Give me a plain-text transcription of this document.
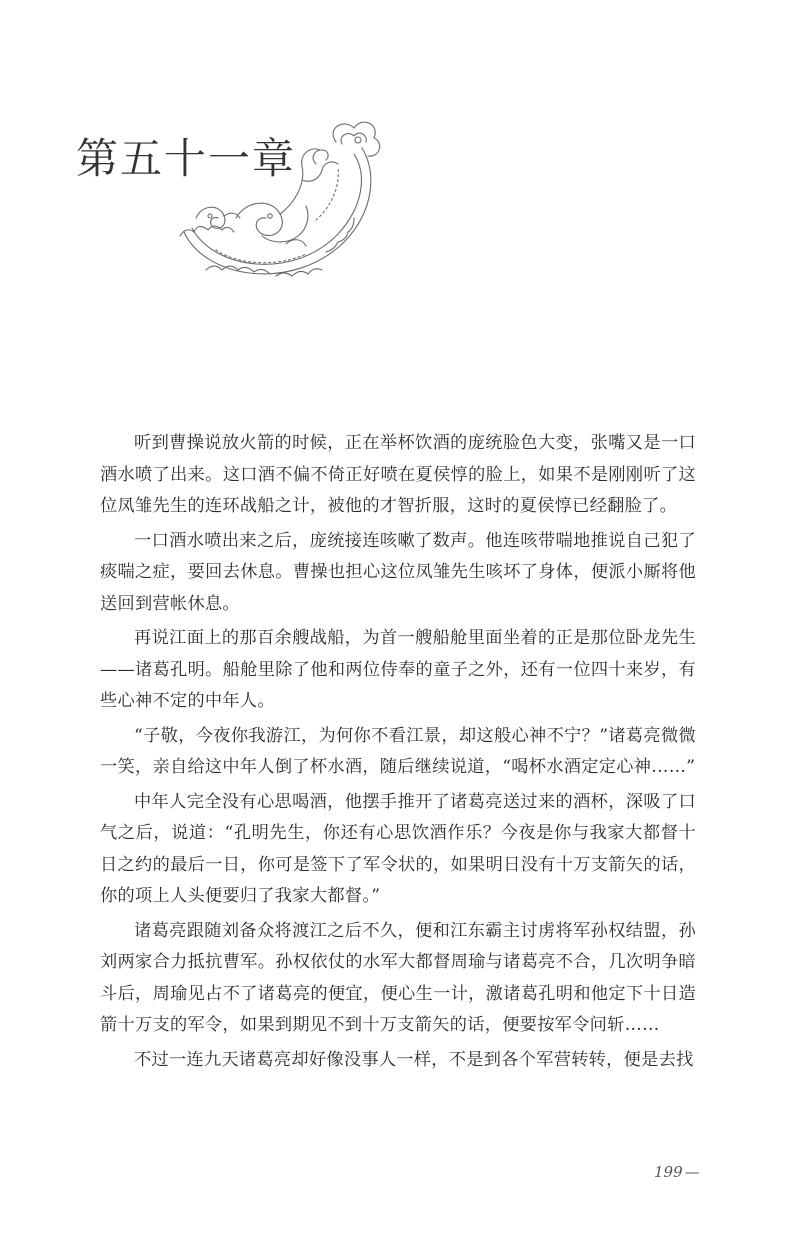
第五十一章

听到曹操说放火箭的时候，正在举杯饮酒的庞统脸色大变，张嘴又是一口酒水喷了出来。这口酒不偏不倚正好喷在夏侯惇的脸上，如果不是刚刚听了这位凤雏先生的连环战船之计，被他的才智折服，这时的夏侯惇已经翻脸了。

一口酒水喷出来之后，庞统接连咳嗽了数声。他连咳带喘地推说自己犯了痰喘之症，要回去休息。曹操也担心这位凤雏先生咳坏了身体，便派小厮将他送回到营帐休息。

再说江面上的那百余艘战船，为首一艘船舱里面坐着的正是那位卧龙先生——诸葛孔明。船舱里除了他和两位侍奉的童子之外，还有一位四十来岁，有些心神不定的中年人。

“子敬，今夜你我游江，为何你不看江景，却这般心神不宁？”诸葛亮微微一笑，亲自给这中年人倒了杯水酒，随后继续说道，“喝杯水酒定定心神……”

中年人完全没有心思喝酒，他摆手推开了诸葛亮送过来的酒杯，深吸了口气之后，说道：“孔明先生，你还有心思饮酒作乐？今夜是你与我家大都督十日之约的最后一日，你可是签下了军令状的，如果明日没有十万支箭矢的话，你的项上人头便要归了我家大都督。”

诸葛亮跟随刘备众将渡江之后不久，便和江东霸主讨虏将军孙权结盟，孙刘两家合力抵抗曹军。孙权依仗的水军大都督周瑜与诸葛亮不合，几次明争暗斗后，周瑜见占不了诸葛亮的便宜，便心生一计，激诸葛孔明和他定下十日造箭十万支的军令，如果到期见不到十万支箭矢的话，便要按军令问斩……

不过一连九天诸葛亮却好像没事人一样，不是到各个军营转转，便是去找

199 —
